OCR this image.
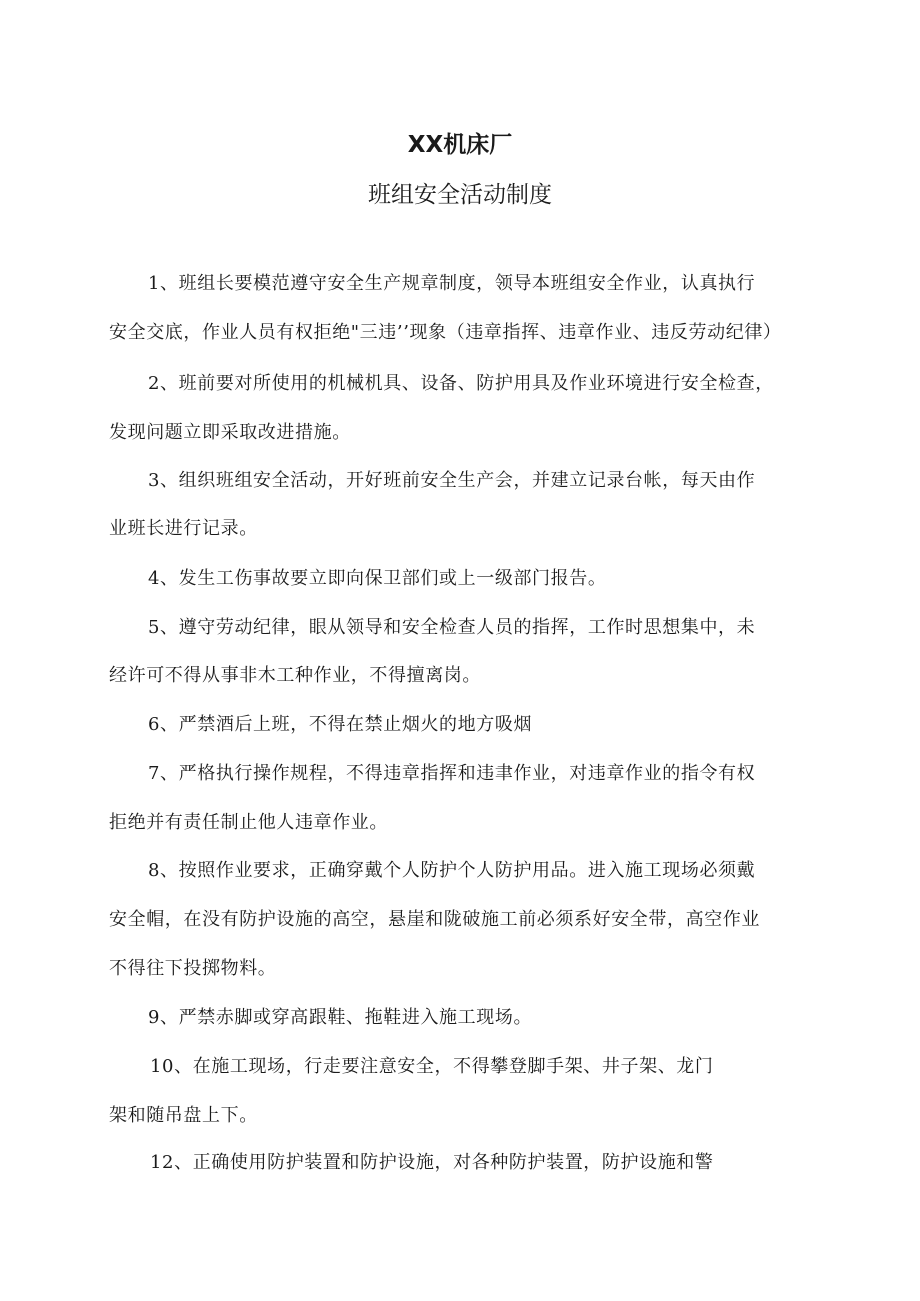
XX机床厂
班组安全活动制度
1、班组长要模范遵守安全生产规章制度，领导本班组安全作业，认真执行
安全交底，作业人员有权拒绝"三违’’现象（违章指挥、违章作业、违反劳动纪律）
2、班前要对所使用的机械机具、设备、防护用具及作业环境进行安全检查，
发现问题立即采取改进措施。
3、组织班组安全活动，开好班前安全生产会，并建立记录台帐，每天由作
业班长进行记录。
4、发生工伤事故要立即向保卫部们或上一级部门报告。
5、遵守劳动纪律，眼从领导和安全检查人员的指挥，工作时思想集中，未
经许可不得从事非木工种作业，不得擅离岗。
6、严禁酒后上班，不得在禁止烟火的地方吸烟
7、严格执行操作规程，不得违章指挥和违聿作业，对违章作业的指令有权
拒绝并有责任制止他人违章作业。
8、按照作业要求，正确穿戴个人防护个人防护用品。进入施工现场必须戴
安全帽，在没有防护设施的高空，悬崖和陇破施工前必须系好安全带，高空作业
不得往下投掷物料。
9、严禁赤脚或穿高跟鞋、拖鞋进入施工现场。
10、在施工现场，行走要注意安全，不得攀登脚手架、井子架、龙门
架和随吊盘上下。
12、正确使用防护装置和防护设施，对各种防护装置，防护设施和警
